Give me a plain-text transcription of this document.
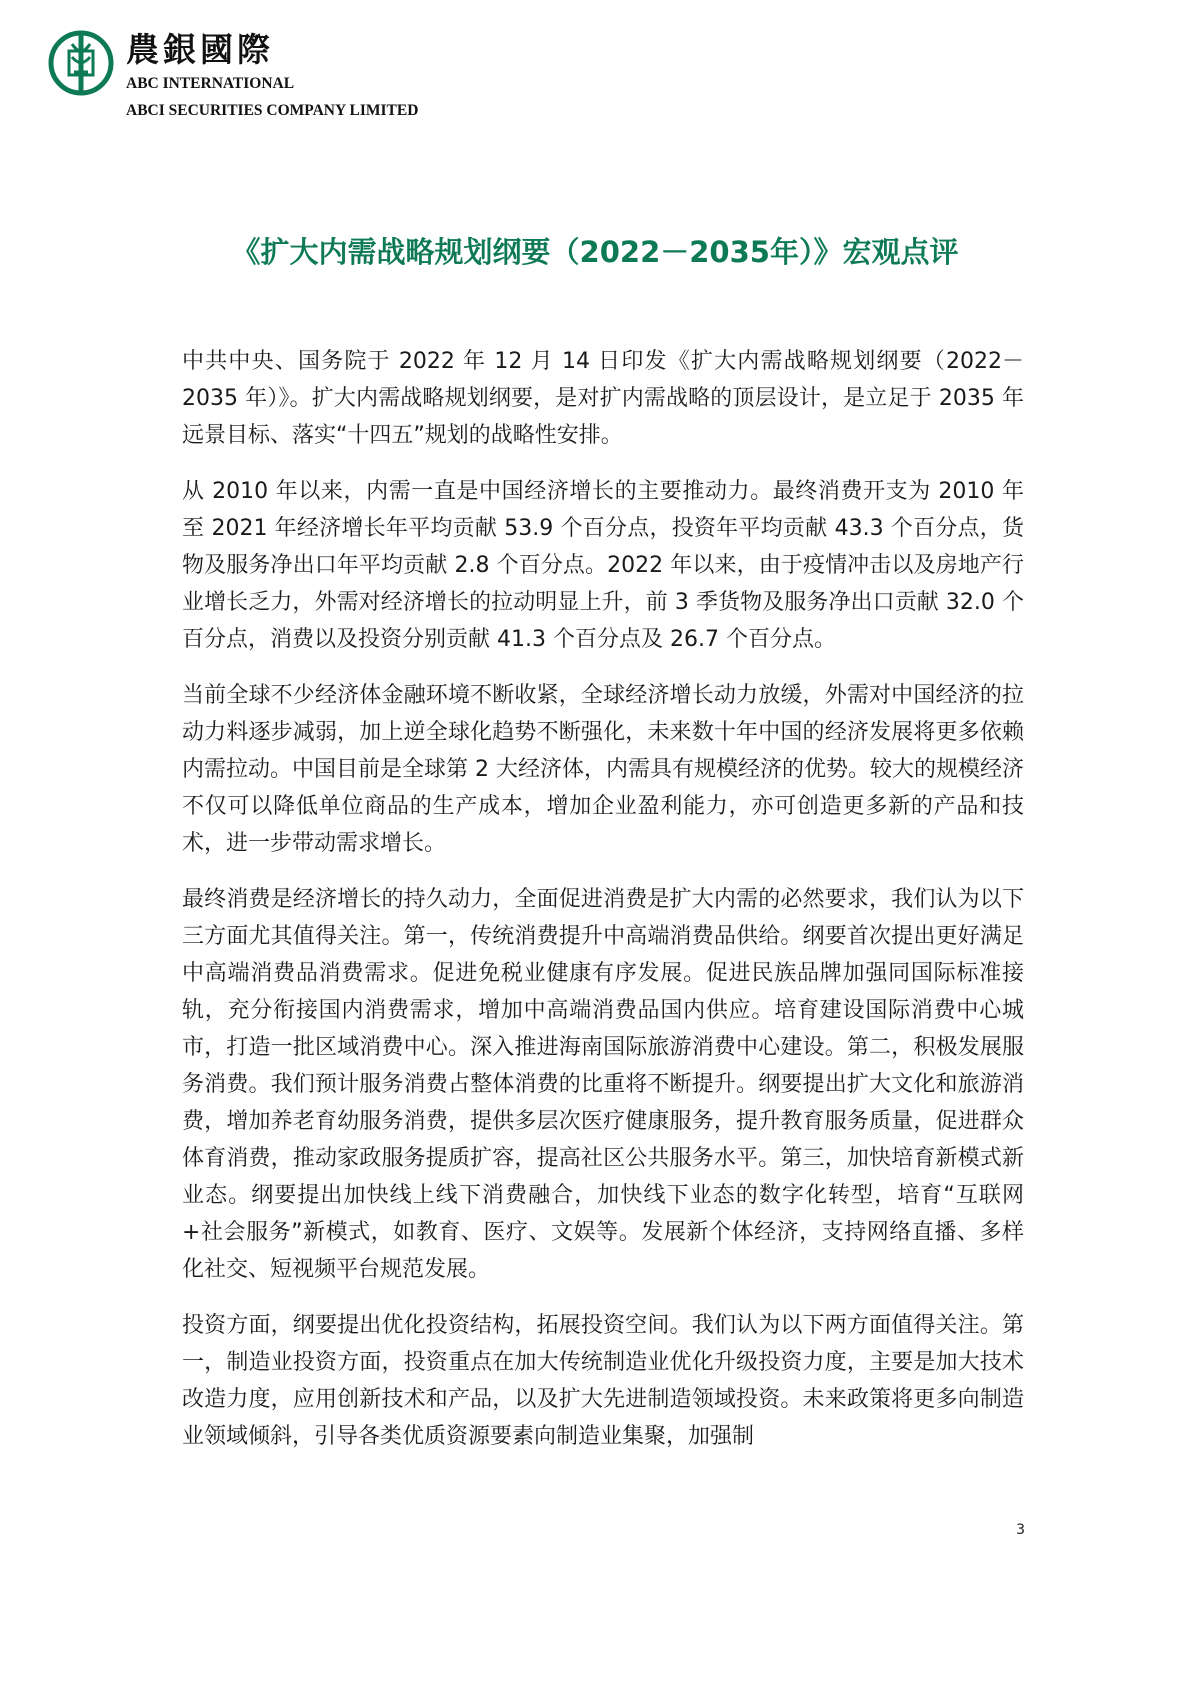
農銀國際
ABC INTERNATIONAL
ABCI SECURITIES COMPANY LIMITED
《扩大内需战略规划纲要（2022－2035年）》宏观点评

中共中央、国务院于 2022 年 12 月 14 日印发《扩大内需战略规划纲要（2022－2035 年）》。扩大内需战略规划纲要，是对扩内需战略的顶层设计，是立足于 2035 年远景目标、落实“十四五”规划的战略性安排。

从 2010 年以来，内需一直是中国经济增长的主要推动力。最终消费开支为 2010 年至 2021 年经济增长年平均贡献 53.9 个百分点，投资年平均贡献 43.3 个百分点，货物及服务净出口年平均贡献 2.8 个百分点。2022 年以来，由于疫情冲击以及房地产行业增长乏力，外需对经济增长的拉动明显上升，前 3 季货物及服务净出口贡献 32.0 个百分点，消费以及投资分别贡献 41.3 个百分点及 26.7 个百分点。

当前全球不少经济体金融环境不断收紧，全球经济增长动力放缓，外需对中国经济的拉动力料逐步减弱，加上逆全球化趋势不断强化，未来数十年中国的经济发展将更多依赖内需拉动。中国目前是全球第 2 大经济体，内需具有规模经济的优势。较大的规模经济不仅可以降低单位商品的生产成本，增加企业盈利能力，亦可创造更多新的产品和技术，进一步带动需求增长。

最终消费是经济增长的持久动力，全面促进消费是扩大内需的必然要求，我们认为以下三方面尤其值得关注。第一，传统消费提升中高端消费品供给。纲要首次提出更好满足中高端消费品消费需求。促进免税业健康有序发展。促进民族品牌加强同国际标准接轨，充分衔接国内消费需求，增加中高端消费品国内供应。培育建设国际消费中心城市，打造一批区域消费中心。深入推进海南国际旅游消费中心建设。第二，积极发展服务消费。我们预计服务消费占整体消费的比重将不断提升。纲要提出扩大文化和旅游消费，增加养老育幼服务消费，提供多层次医疗健康服务，提升教育服务质量，促进群众体育消费，推动家政服务提质扩容，提高社区公共服务水平。第三，加快培育新模式新业态。纲要提出加快线上线下消费融合，加快线下业态的数字化转型，培育“互联网+社会服务”新模式，如教育、医疗、文娱等。发展新个体经济，支持网络直播、多样化社交、短视频平台规范发展。

投资方面，纲要提出优化投资结构，拓展投资空间。我们认为以下两方面值得关注。第一，制造业投资方面，投资重点在加大传统制造业优化升级投资力度，主要是加大技术改造力度，应用创新技术和产品，以及扩大先进制造领域投资。未来政策将更多向制造业领域倾斜，引导各类优质资源要素向制造业集聚，加强制

3
